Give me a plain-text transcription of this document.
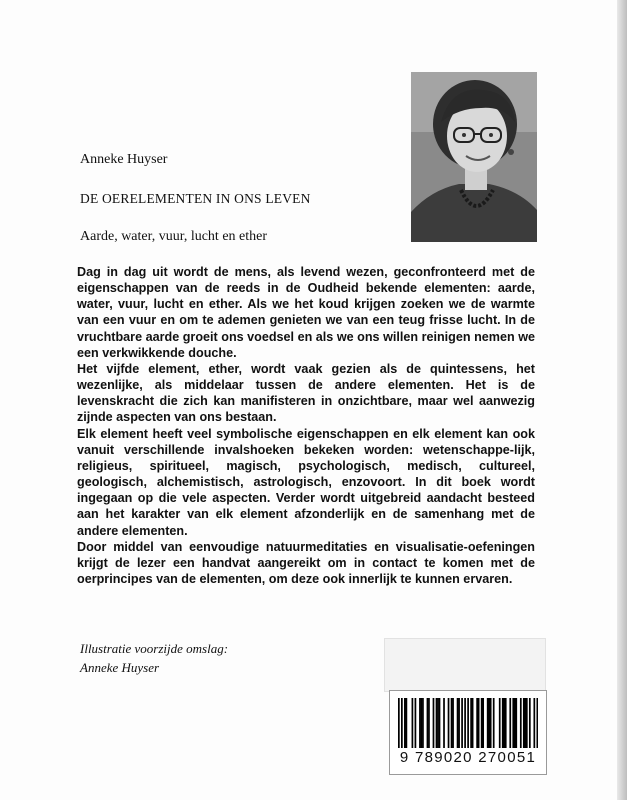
Anneke Huyser
DE OERELEMENTEN IN ONS LEVEN
Aarde, water, vuur, lucht en ether

Dag in dag uit wordt de mens, als levend wezen, geconfronteerd met de eigenschappen van de reeds in de Oudheid bekende elementen: aarde, water, vuur, lucht en ether. Als we het koud krijgen zoeken we de warmte van een vuur en om te ademen genieten we van een teug frisse lucht. In de vruchtbare aarde groeit ons voedsel en als we ons willen reinigen nemen we een verkwikkende douche.

Het vijfde element, ether, wordt vaak gezien als de quintessens, het wezenlijke, als middelaar tussen de andere elementen. Het is de levenskracht die zich kan manifisteren in onzichtbare, maar wel aanwezig zijnde aspecten van ons bestaan.

Elk element heeft veel symbolische eigenschappen en elk element kan ook vanuit verschillende invalshoeken bekeken worden: wetenschappe-lijk, religieus, spiritueel, magisch, psychologisch, medisch, cultureel, geologisch, alchemistisch, astrologisch, enzovoort. In dit boek wordt ingegaan op die vele aspecten. Verder wordt uitgebreid aandacht besteed aan het karakter van elk element afzonderlijk en de samenhang met de andere elementen.

Door middel van eenvoudige natuurmeditaties en visualisatie-oefeningen krijgt de lezer een handvat aangereikt om in contact te komen met de oerprincipes van de elementen, om deze ook innerlijk te kunnen ervaren.

Illustratie voorzijde omslag:
Anneke Huyser
9 789020 270051
